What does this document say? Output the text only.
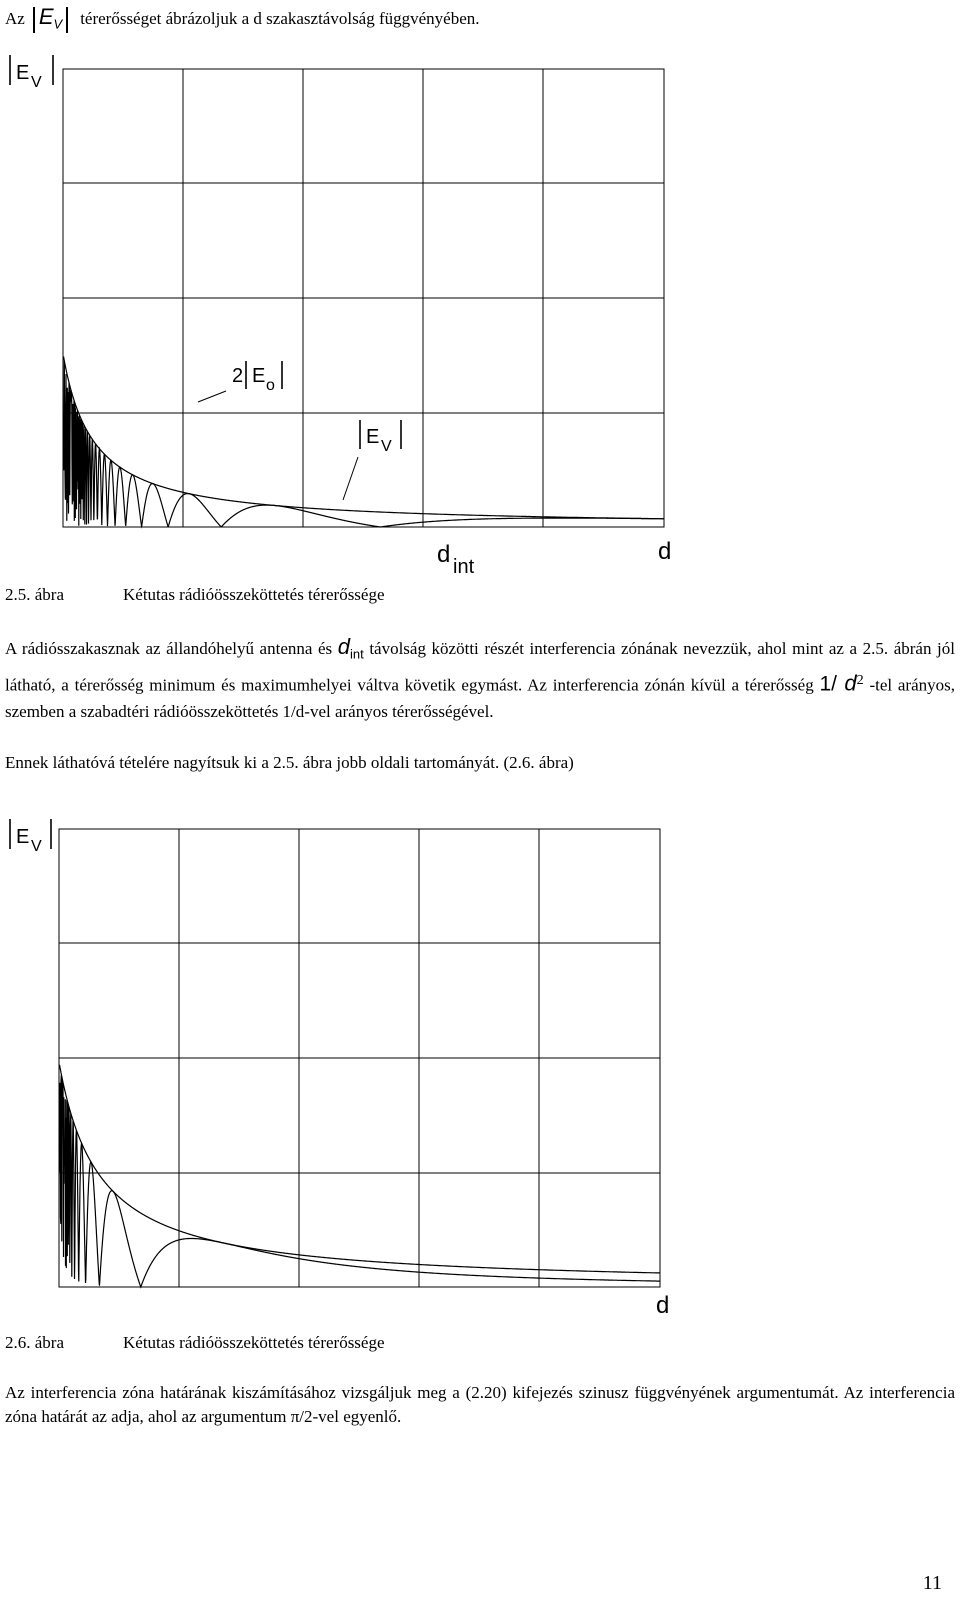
Az $E_V$ térerősséget ábrázoljuk a d szakasztávolság függvényében.
E V
2 E o
E V
d int
d
2.5. ábra	Kétutas rádióösszeköttetés térerőssége
A rádiósszakasznak az állandóhelyű antenna és $d_{int}$ távolság közötti részét interferencia zónának nevezzük, ahol mint az a 2.5. ábrán jól látható, a térerősség minimum és maximumhelyei váltva követik egymást. Az interferencia zónán kívül a térerősség 1/ $d^2$ -tel arányos, szemben a szabadtéri rádióösszeköttetés 1/d-vel arányos térerősségével.
Ennek láthatóvá tételére nagyítsuk ki a 2.5. ábra jobb oldali tartományát. (2.6. ábra)
E V
d
2.6. ábra	Kétutas rádióösszeköttetés térerőssége
Az interferencia zóna határának kiszámításához vizsgáljuk meg a (2.20) kifejezés szinusz függvényének argumentumát. Az interferencia zóna határát az adja, ahol az argumentum π/2-vel egyenlő.
11
